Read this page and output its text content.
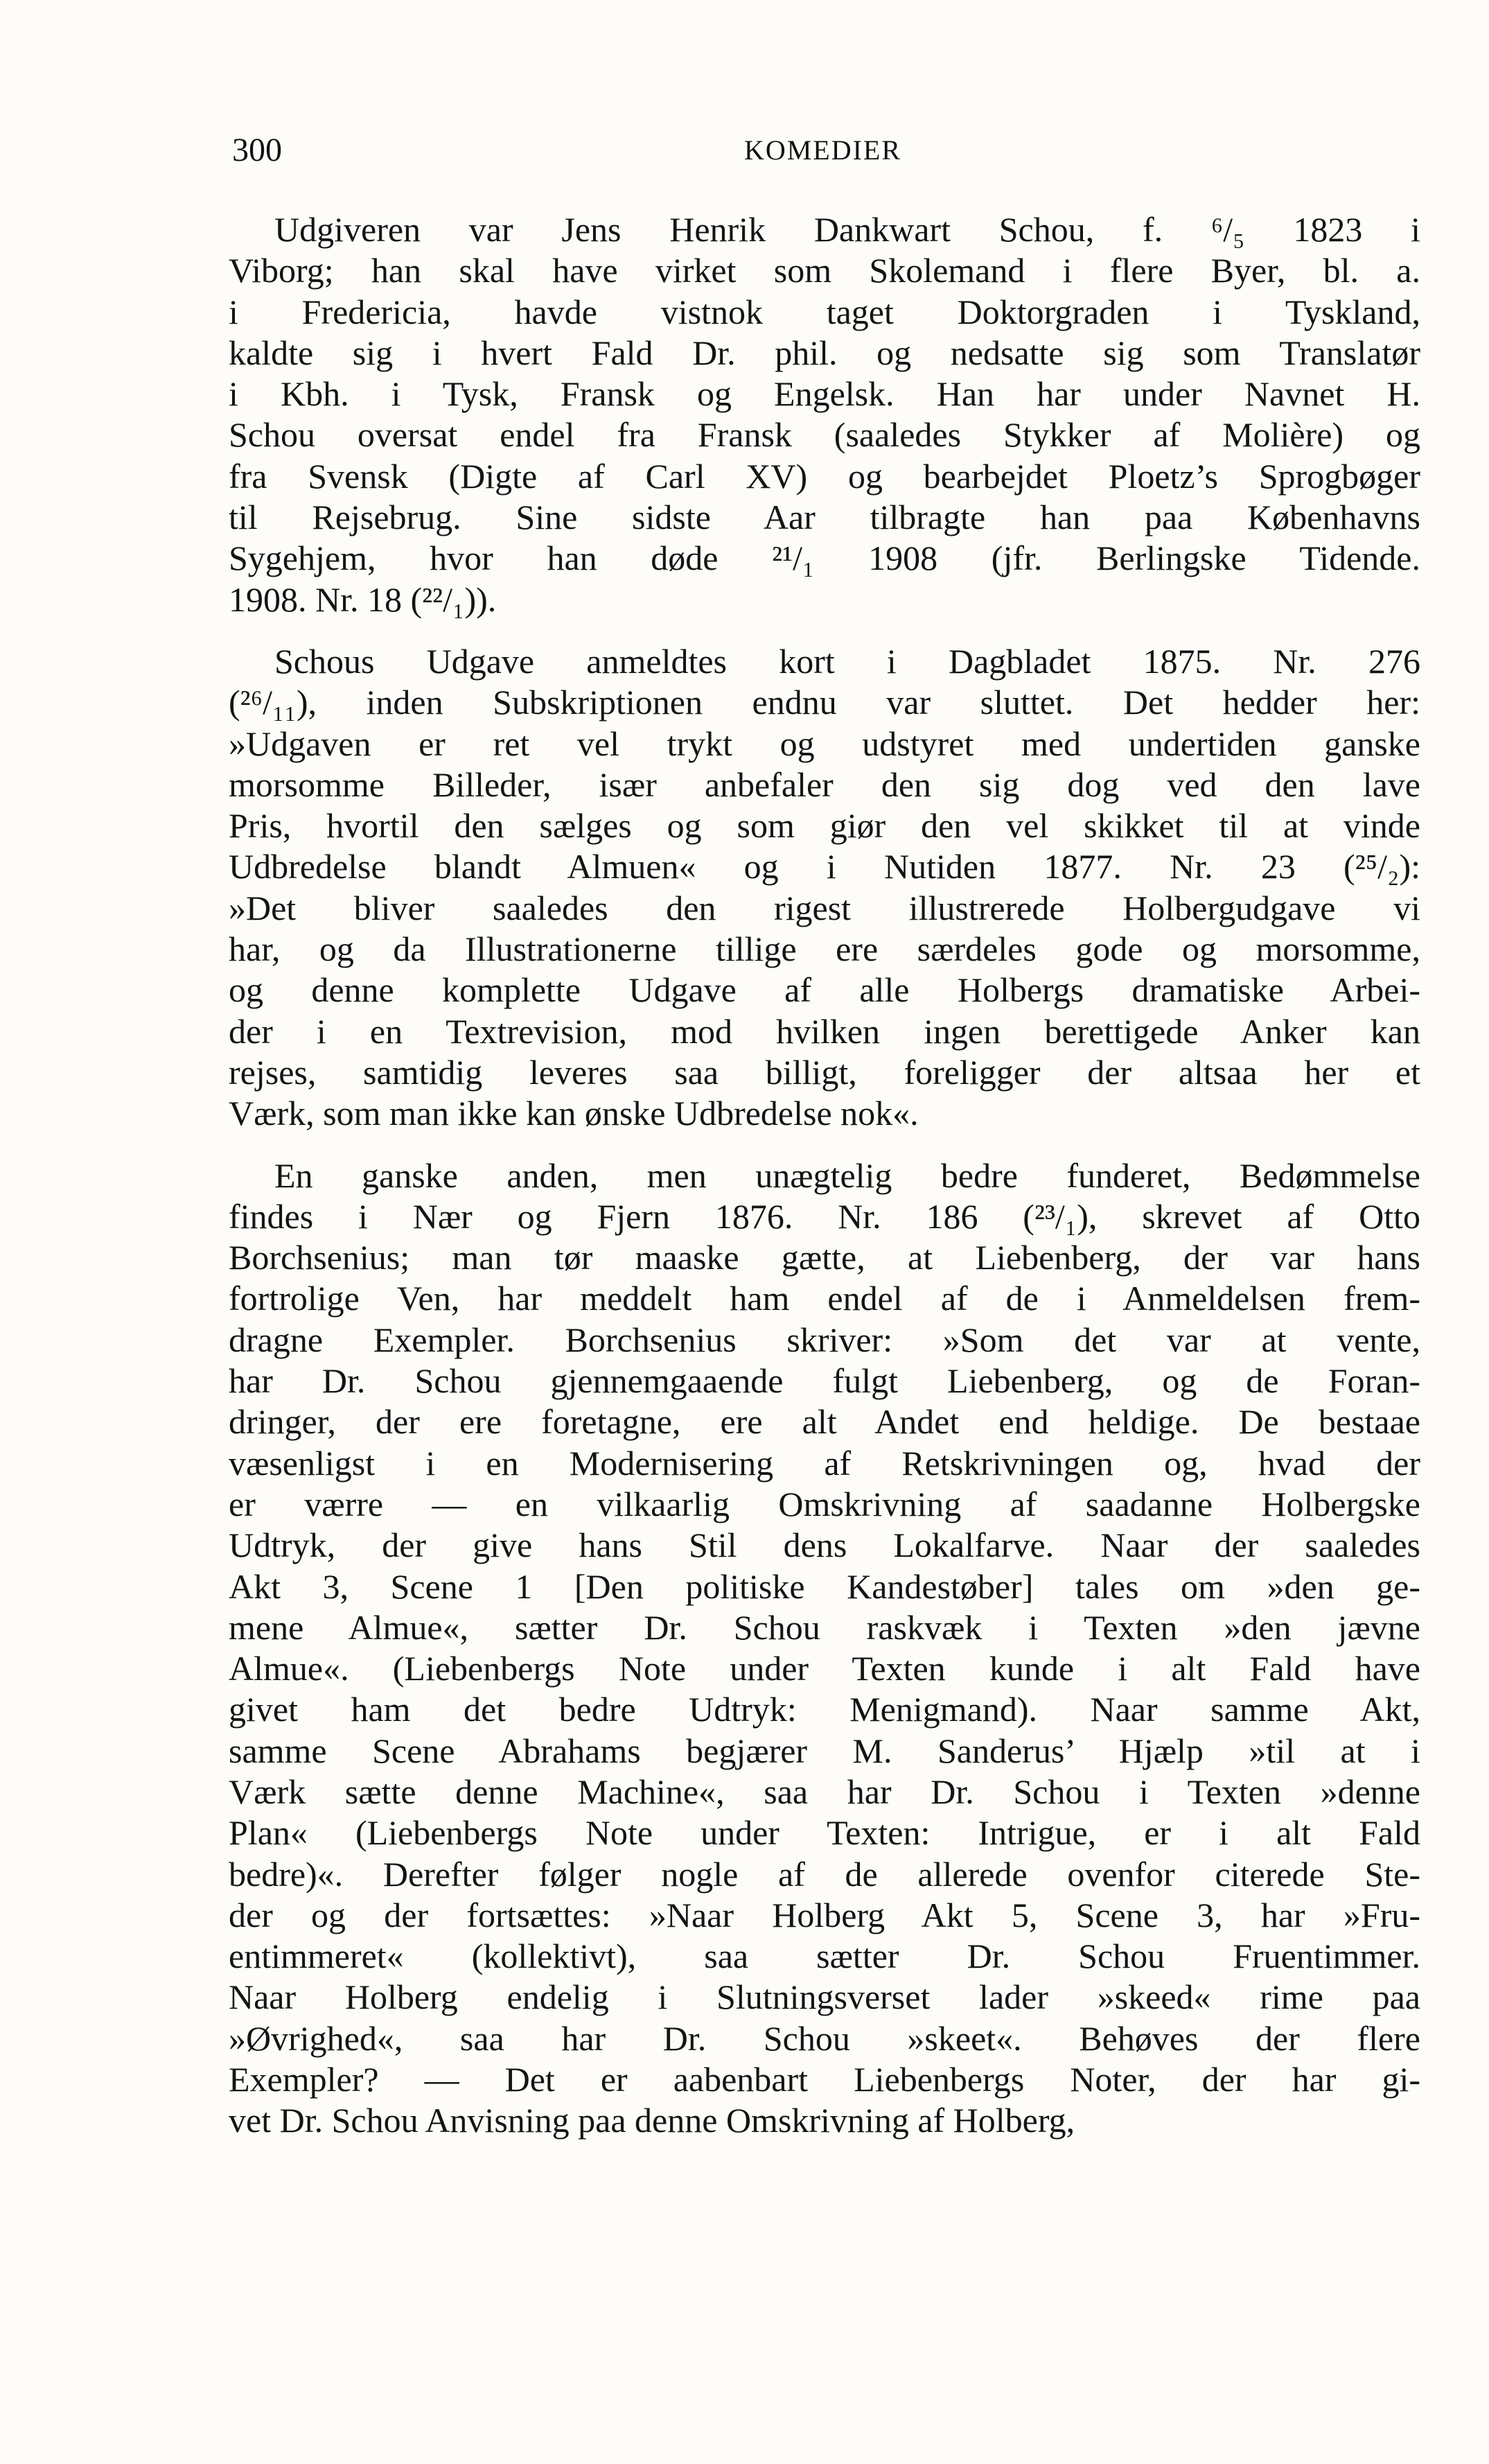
300	KOMEDIER
Udgiveren var Jens Henrik Dankwart Schou, f. ⁶/₅ 1823 i
Viborg; han skal have virket som Skolemand i flere Byer, bl. a.
i Fredericia, havde vistnok taget Doktorgraden i Tyskland,
kaldte sig i hvert Fald Dr. phil. og nedsatte sig som Translatør
i Kbh. i Tysk, Fransk og Engelsk. Han har under Navnet H.
Schou oversat endel fra Fransk (saaledes Stykker af Molière) og
fra Svensk (Digte af Carl XV) og bearbejdet Ploetz’s Sprogbøger
til Rejsebrug. Sine sidste Aar tilbragte han paa Københavns
Sygehjem, hvor han døde ²¹/₁ 1908 (jfr. Berlingske Tidende.
1908. Nr. 18 (²²/₁)).
Schous Udgave anmeldtes kort i Dagbladet 1875. Nr. 276
(²⁶/₁₁), inden Subskriptionen endnu var sluttet. Det hedder her:
»Udgaven er ret vel trykt og udstyret med undertiden ganske
morsomme Billeder, især anbefaler den sig dog ved den lave
Pris, hvortil den sælges og som giør den vel skikket til at vinde
Udbredelse blandt Almuen« og i Nutiden 1877. Nr. 23 (²⁵/₂):
»Det bliver saaledes den rigest illustrerede Holbergudgave vi
har, og da Illustrationerne tillige ere særdeles gode og morsomme,
og denne komplette Udgave af alle Holbergs dramatiske Arbei-
der i en Textrevision, mod hvilken ingen berettigede Anker kan
rejses, samtidig leveres saa billigt, foreligger der altsaa her et
Værk, som man ikke kan ønske Udbredelse nok«.
En ganske anden, men unægtelig bedre funderet, Bedømmelse
findes i Nær og Fjern 1876. Nr. 186 (²³/₁), skrevet af Otto
Borchsenius; man tør maaske gætte, at Liebenberg, der var hans
fortrolige Ven, har meddelt ham endel af de i Anmeldelsen frem-
dragne Exempler. Borchsenius skriver: »Som det var at vente,
har Dr. Schou gjennemgaaende fulgt Liebenberg, og de Foran-
dringer, der ere foretagne, ere alt Andet end heldige. De bestaae
væsenligst i en Modernisering af Retskrivningen og, hvad der
er værre — en vilkaarlig Omskrivning af saadanne Holbergske
Udtryk, der give hans Stil dens Lokalfarve. Naar der saaledes
Akt 3, Scene 1 [Den politiske Kandestøber] tales om »den ge-
mene Almue«, sætter Dr. Schou raskvæk i Texten »den jævne
Almue«. (Liebenbergs Note under Texten kunde i alt Fald have
givet ham det bedre Udtryk: Menigmand). Naar samme Akt,
samme Scene Abrahams begjærer M. Sanderus’ Hjælp »til at i
Værk sætte denne Machine«, saa har Dr. Schou i Texten »denne
Plan« (Liebenbergs Note under Texten: Intrigue, er i alt Fald
bedre)«. Derefter følger nogle af de allerede ovenfor citerede Ste-
der og der fortsættes: »Naar Holberg Akt 5, Scene 3, har »Fru-
entimmeret« (kollektivt), saa sætter Dr. Schou Fruentimmer.
Naar Holberg endelig i Slutningsverset lader »skeed« rime paa
»Øvrighed«, saa har Dr. Schou »skeet«. Behøves der flere
Exempler? — Det er aabenbart Liebenbergs Noter, der har gi-
vet Dr. Schou Anvisning paa denne Omskrivning af Holberg,
